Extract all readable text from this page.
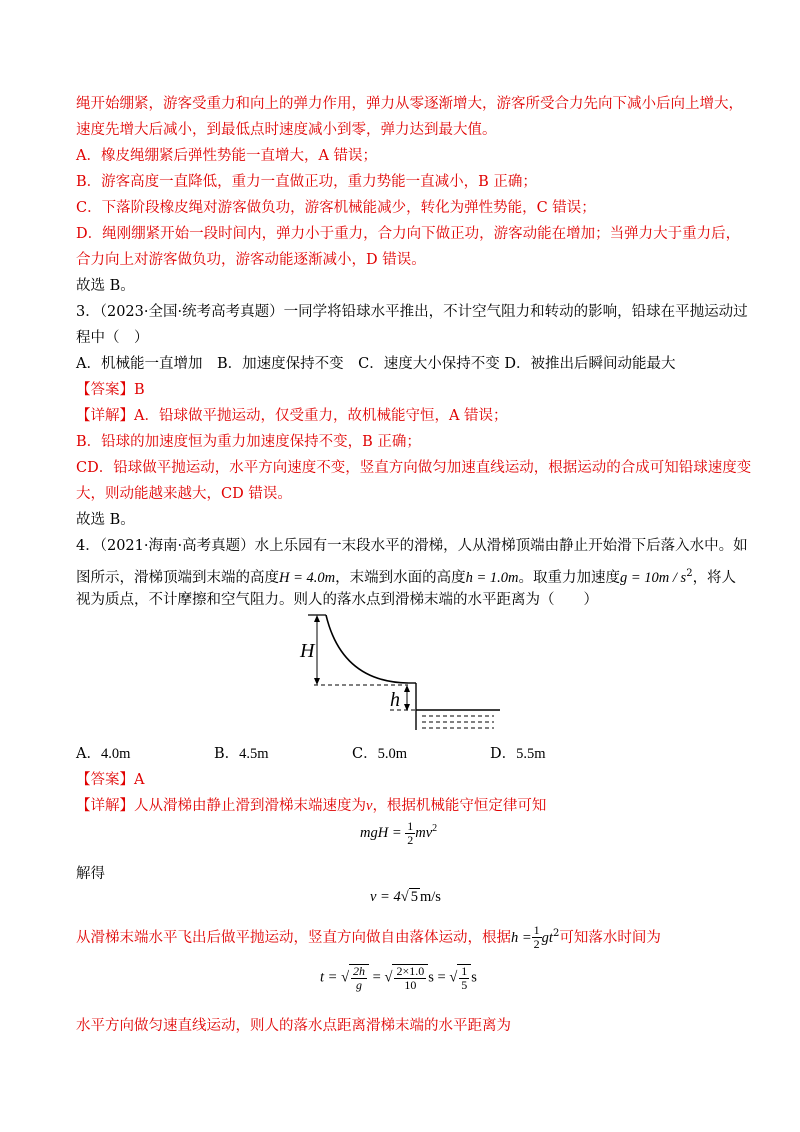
绳开始绷紧，游客受重力和向上的弹力作用，弹力从零逐渐增大，游客所受合力先向下减小后向上增大，
速度先增大后减小，到最低点时速度减小到零，弹力达到最大值。
A．橡皮绳绷紧后弹性势能一直增大，A 错误；
B．游客高度一直降低，重力一直做正功，重力势能一直减小，B 正确；
C．下落阶段橡皮绳对游客做负功，游客机械能减少，转化为弹性势能，C 错误；
D．绳刚绷紧开始一段时间内，弹力小于重力，合力向下做正功，游客动能在增加；当弹力大于重力后，
合力向上对游客做负功，游客动能逐渐减小，D 错误。
故选 B。
3．（2023·全国·统考高考真题）一同学将铅球水平推出，不计空气阻力和转动的影响，铅球在平抛运动过
程中（　）
A．机械能一直增加　B．加速度保持不变　C．速度大小保持不变 D．被推出后瞬间动能最大
【答案】B
【详解】A．铅球做平抛运动，仅受重力，故机械能守恒，A 错误；
B．铅球的加速度恒为重力加速度保持不变，B 正确；
CD．铅球做平抛运动，水平方向速度不变，竖直方向做匀加速直线运动，根据运动的合成可知铅球速度变
大，则动能越来越大，CD 错误。
故选 B。
4．（2021·海南·高考真题）水上乐园有一末段水平的滑梯，人从滑梯顶端由静止开始滑下后落入水中。如
图所示，滑梯顶端到末端的高度H = 4.0m，末端到水面的高度h = 1.0m。取重力加速度$g = 10m / s^2$，将人
视为质点，不计摩擦和空气阻力。则人的落水点到滑梯末端的水平距离为（　　）
H
h
A．4.0m	B．4.5m	C．5.0m	D．5.5m
【答案】A
【详解】人从滑梯由静止滑到滑梯末端速度为v，根据机械能守恒定律可知
mgH = $\frac{1}{2} mv^2$
解得
v = 4√ 5 m/s
从滑梯末端水平飞出后做平抛运动，竖直方向做自由落体运动，根据$h = \frac{1}{2} gt^2$可知落水时间为
t = √ $\frac{2h}{g}$ = √ $\frac{2\times 1.0}{10}$ s = √ $\frac{1}{5}$ s
水平方向做匀速直线运动，则人的落水点距离滑梯末端的水平距离为
